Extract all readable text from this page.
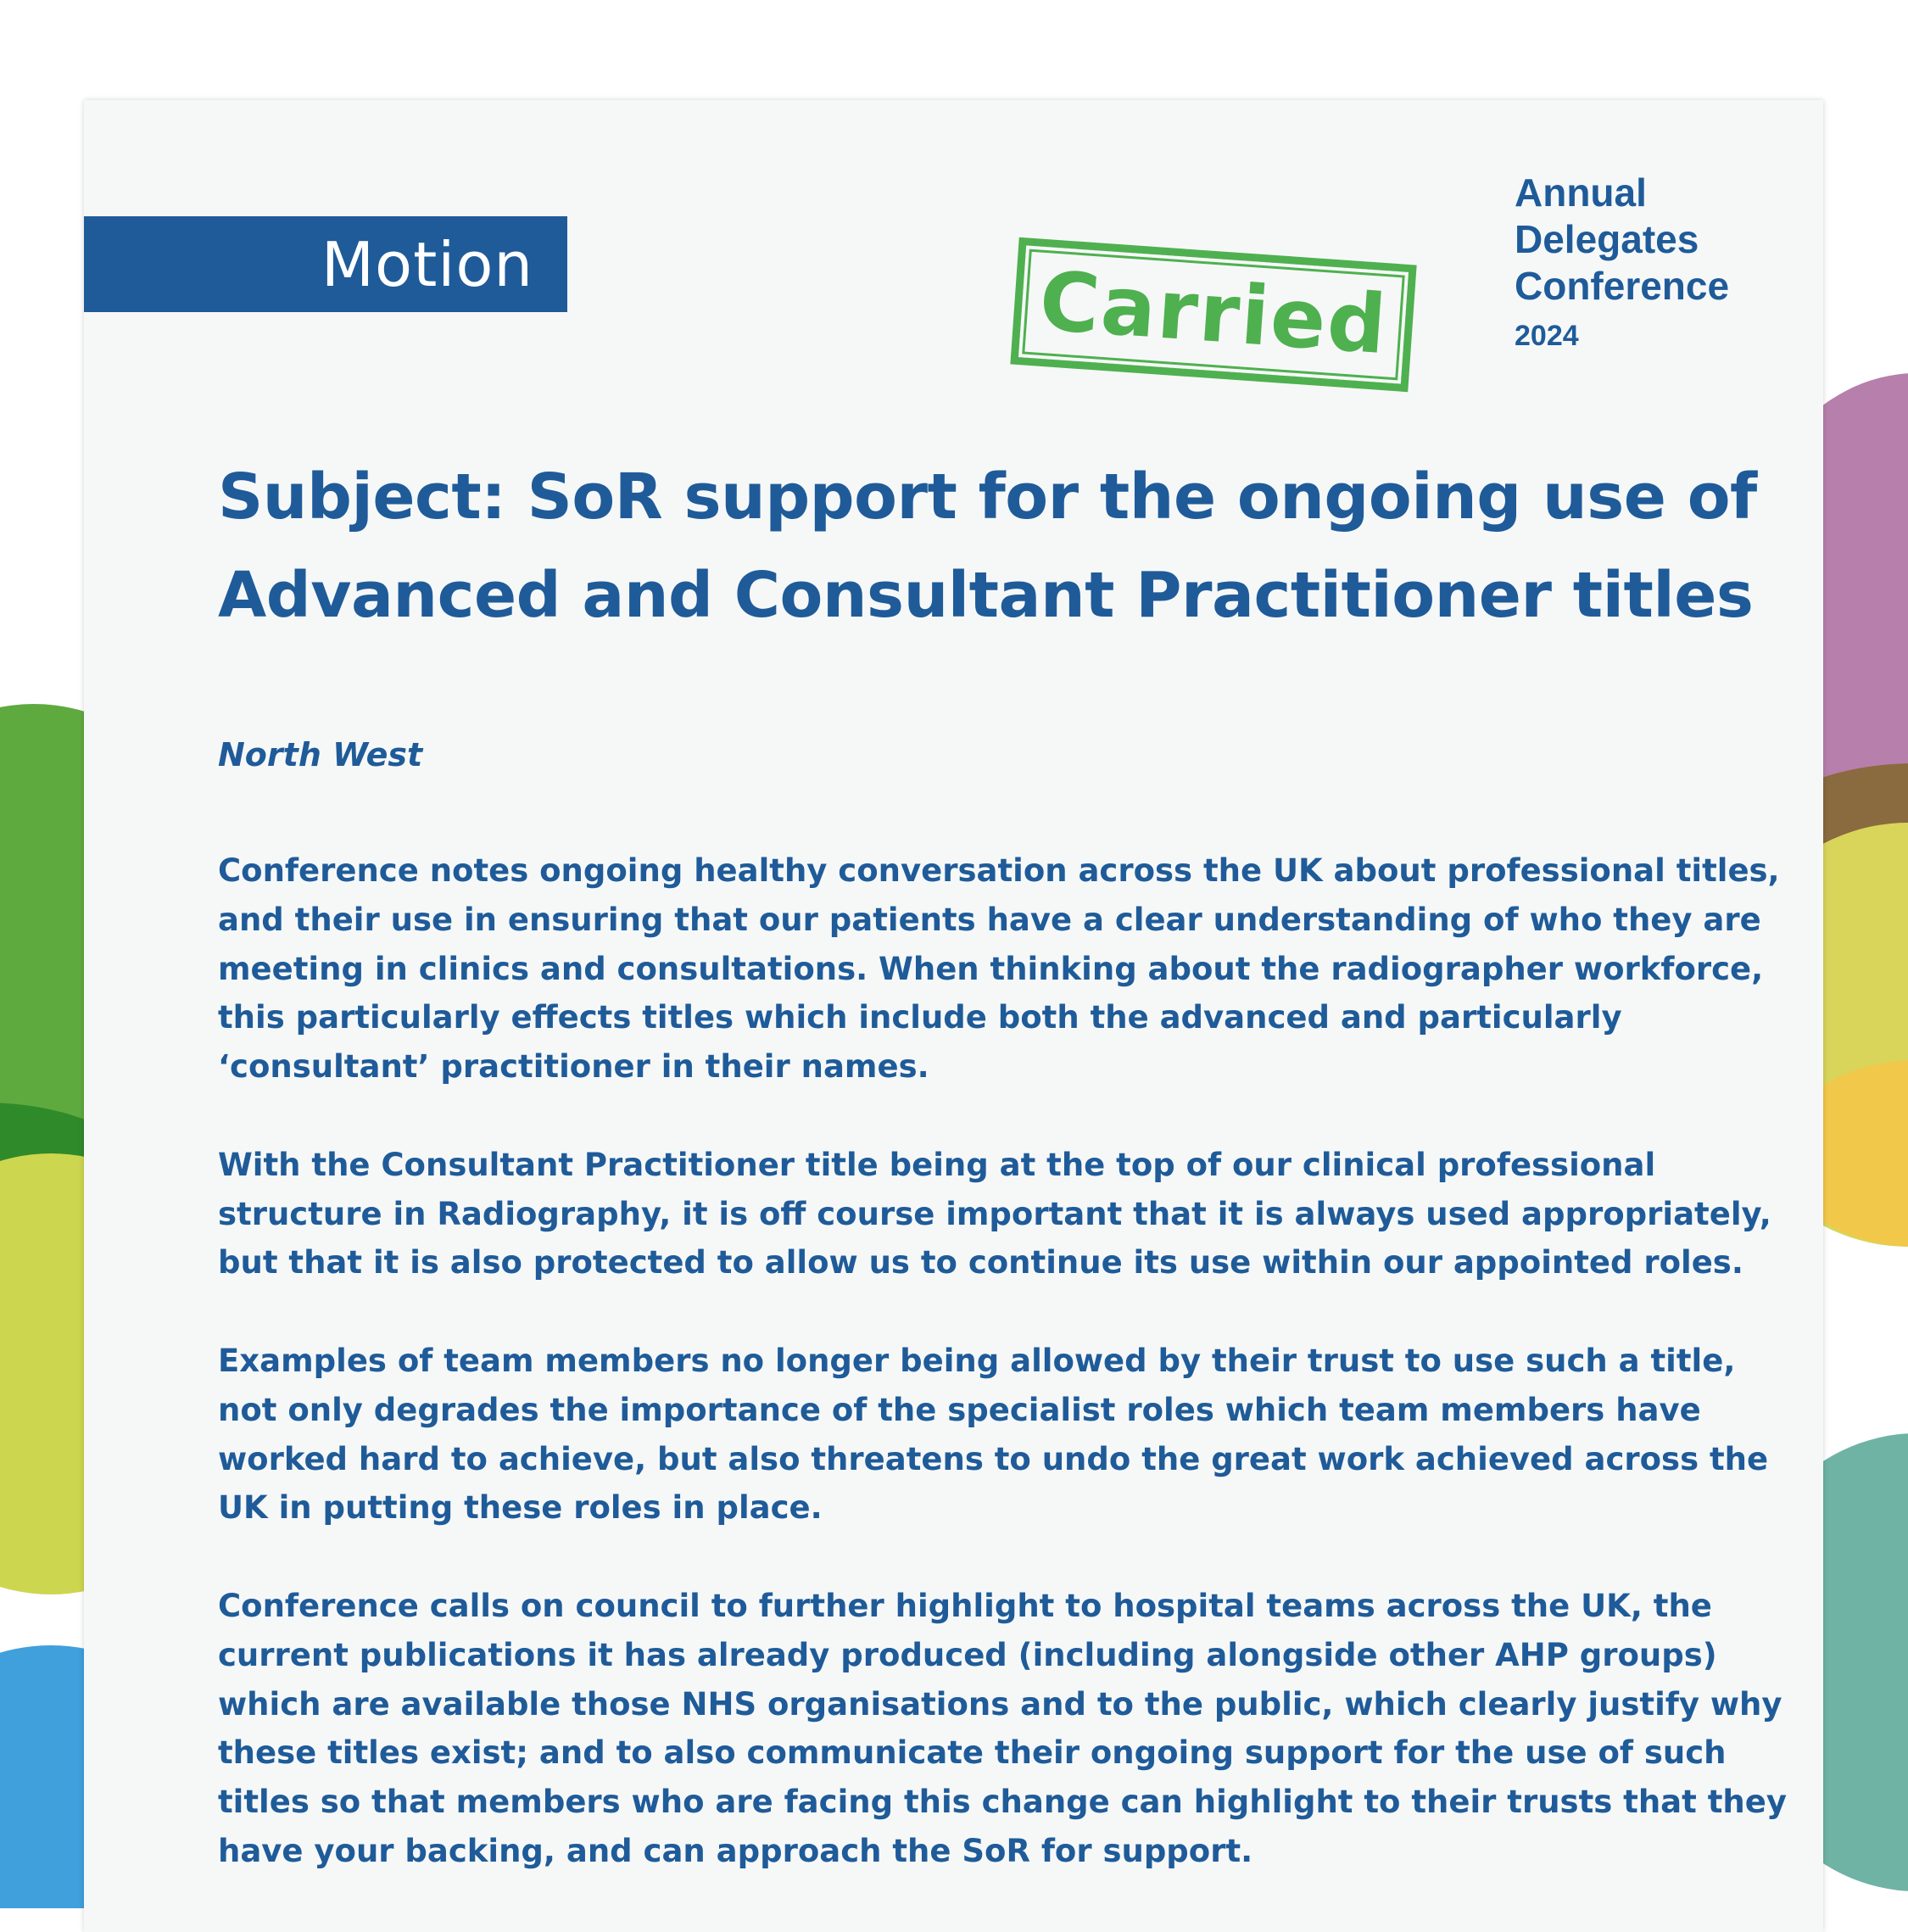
Motion	Carried
Annual
Delegates
Conference
2024
Subject: SoR support for the ongoing use of
Advanced and Consultant Practitioner titles
North West

Conference notes ongoing healthy conversation across the UK about professional titles, and their use in ensuring that our patients have a clear understanding of who they are meeting in clinics and consultations. When thinking about the radiographer workforce, this particularly effects titles which include both the advanced and particularly ‘consultant’ practitioner in their names.

With the Consultant Practitioner title being at the top of our clinical professional structure in Radiography, it is off course important that it is always used appropriately, but that it is also protected to allow us to continue its use within our appointed roles.

Examples of team members no longer being allowed by their trust to use such a title, not only degrades the importance of the specialist roles which team members have worked hard to achieve, but also threatens to undo the great work achieved across the UK in putting these roles in place.

Conference calls on council to further highlight to hospital teams across the UK, the current publications it has already produced (including alongside other AHP groups) which are available those NHS organisations and to the public, which clearly justify why these titles exist; and to also communicate their ongoing support for the use of such titles so that members who are facing this change can highlight to their trusts that they have your backing, and can approach the SoR for support.
